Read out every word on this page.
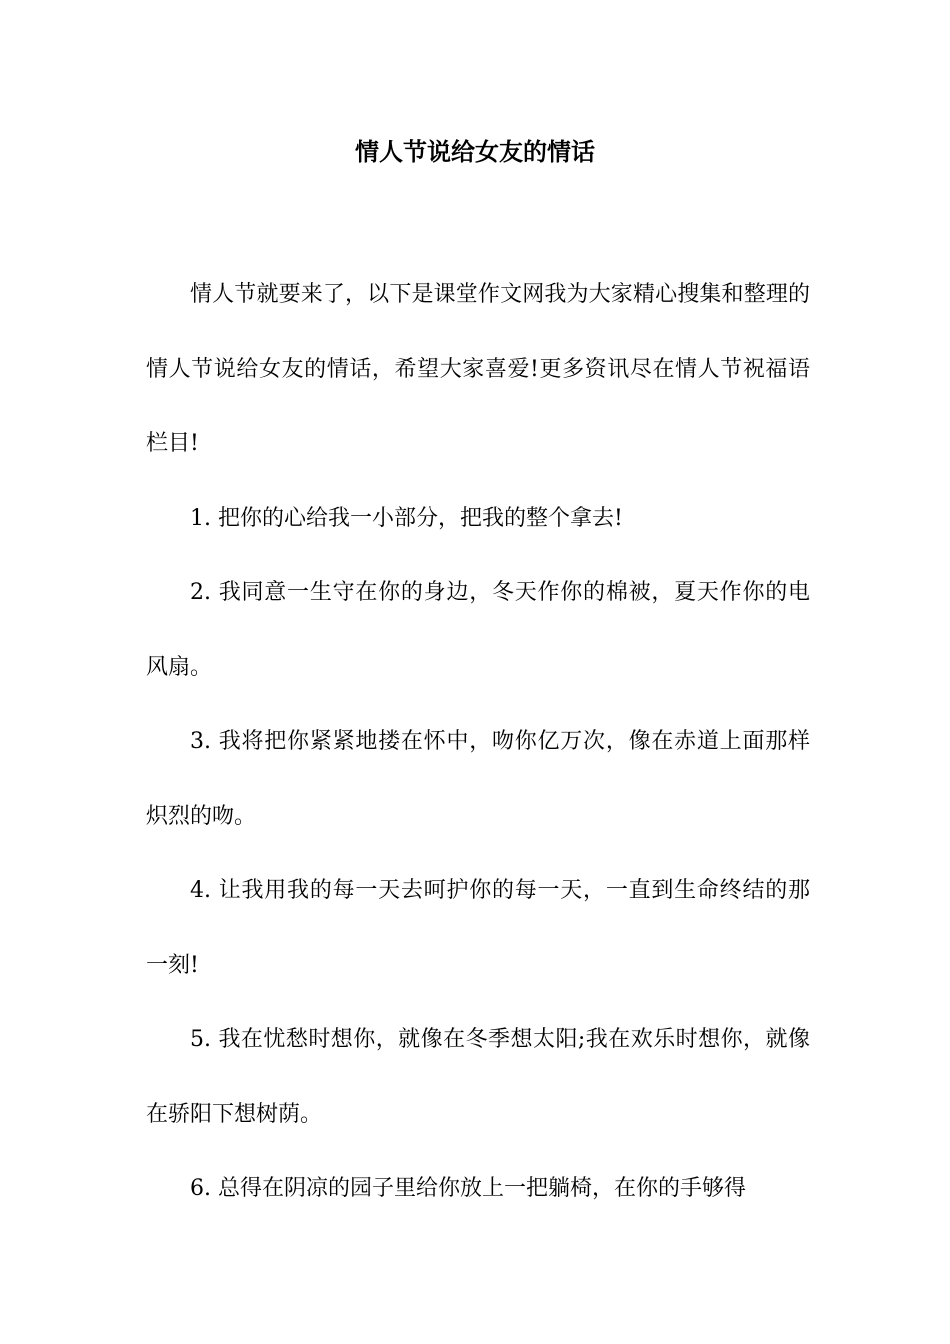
情人节说给女友的情话

情人节就要来了，以下是课堂作文网我为大家精心搜集和整理的情人节说给女友的情话，希望大家喜爱!更多资讯尽在情人节祝福语栏目!

1. 把你的心给我一小部分，把我的整个拿去!

2. 我同意一生守在你的身边，冬天作你的棉被，夏天作你的电风扇。

3. 我将把你紧紧地搂在怀中，吻你亿万次，像在赤道上面那样炽烈的吻。

4. 让我用我的每一天去呵护你的每一天，一直到生命终结的那一刻!

5. 我在忧愁时想你，就像在冬季想太阳;我在欢乐时想你，就像在骄阳下想树荫。

6. 总得在阴凉的园子里给你放上一把躺椅，在你的手够得
